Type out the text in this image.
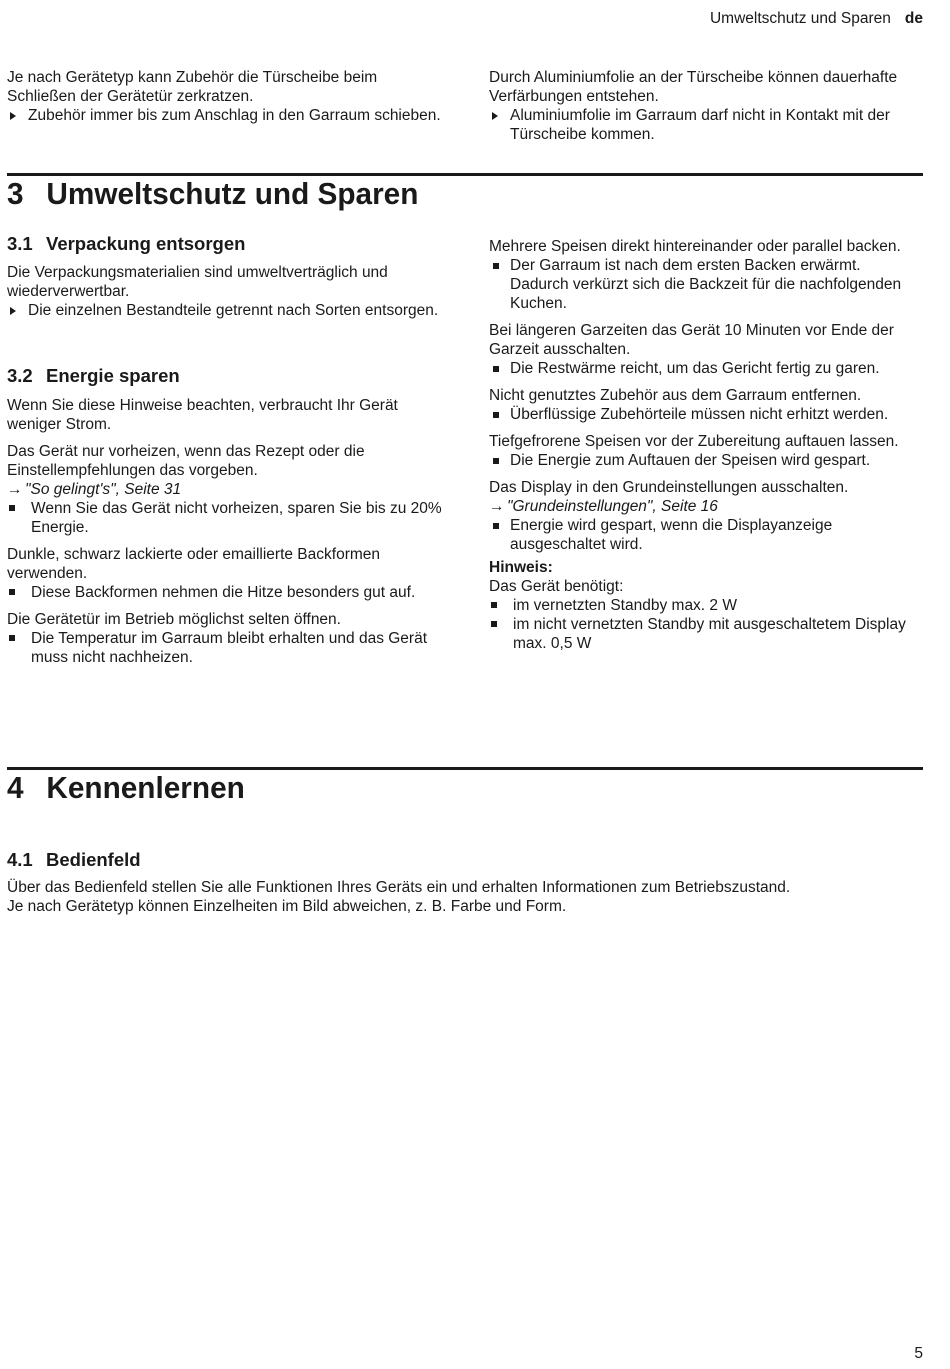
Umweltschutz und Sparen de

Je nach Gerätetyp kann Zubehör die Türscheibe beim Schließen der Gerätetür zerkratzen.

Zubehör immer bis zum Anschlag in den Garraum schieben.

Durch Aluminiumfolie an der Türscheibe können dauerhafte Verfärbungen entstehen.

Aluminiumfolie im Garraum darf nicht in Kontakt mit der Türscheibe kommen.

3 Umweltschutz und Sparen
3.1 Verpackung entsorgen

Die Verpackungsmaterialien sind umweltverträglich und wiederverwertbar.

Die einzelnen Bestandteile getrennt nach Sorten entsorgen.

3.2 Energie sparen

Wenn Sie diese Hinweise beachten, verbraucht Ihr Gerät weniger Strom.

Das Gerät nur vorheizen, wenn das Rezept oder die Einstellempfehlungen das vorgeben.

→ "So gelingt's", Seite 31

Wenn Sie das Gerät nicht vorheizen, sparen Sie bis zu 20% Energie.

Dunkle, schwarz lackierte oder emaillierte Backformen verwenden.

Diese Backformen nehmen die Hitze besonders gut auf.

Die Gerätetür im Betrieb möglichst selten öffnen.

Die Temperatur im Garraum bleibt erhalten und das Gerät muss nicht nachheizen.

Mehrere Speisen direkt hintereinander oder parallel backen.

Der Garraum ist nach dem ersten Backen erwärmt. Dadurch verkürzt sich die Backzeit für die nachfolgenden Kuchen.

Bei längeren Garzeiten das Gerät 10 Minuten vor Ende der Garzeit ausschalten.

Die Restwärme reicht, um das Gericht fertig zu garen.

Nicht genutztes Zubehör aus dem Garraum entfernen.

Überflüssige Zubehörteile müssen nicht erhitzt werden.

Tiefgefrorene Speisen vor der Zubereitung auftauen lassen.

Die Energie zum Auftauen der Speisen wird gespart.

Das Display in den Grundeinstellungen ausschalten.

→ "Grundeinstellungen", Seite 16

Energie wird gespart, wenn die Displayanzeige ausgeschaltet wird.

Hinweis:

Das Gerät benötigt:

im vernetzten Standby max. 2 W

im nicht vernetzten Standby mit ausgeschaltetem Display max. 0,5 W

4 Kennenlernen
4.1 Bedienfeld

Über das Bedienfeld stellen Sie alle Funktionen Ihres Geräts ein und erhalten Informationen zum Betriebszustand.

Je nach Gerätetyp können Einzelheiten im Bild abweichen, z. B. Farbe und Form.

5
